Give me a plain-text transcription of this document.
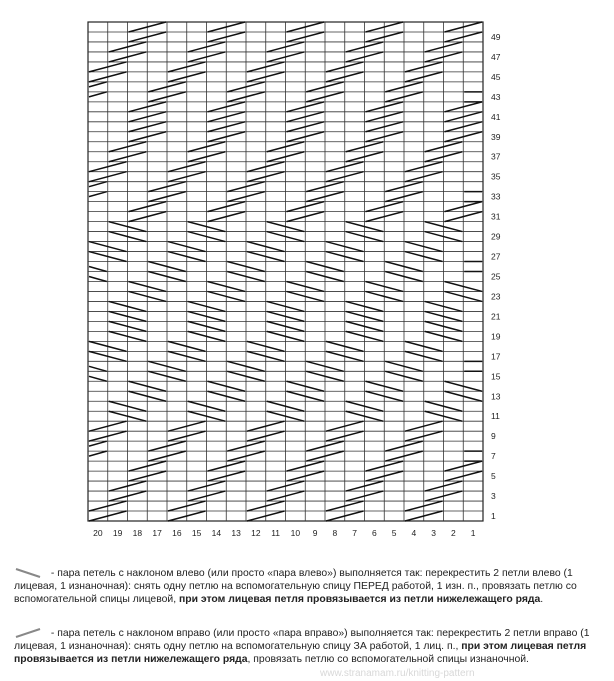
49
47
45
43
41
39
37
35
33
31
29
27
25
23
21
19
17
15
13
11
9
7
5
3
1
20 19 18 17 16 15 14 13 12 11 10 9 8 7 6 5 4 3 2 1
- пара петель с наклоном влево (или просто «пара влево») выполняется так: перекрестить 2 петли влево (1 лицевая, 1 изнаночная): снять одну петлю на вспомогательную спицу ПЕРЕД работой, 1 изн. п., провязать петлю со вспомогательной спицы лицевой, при этом лицевая петля провязывается из петли нижележащего ряда.
- пара петель с наклоном вправо (или просто «пара вправо») выполняется так: перекрестить 2 петли вправо (1 лицевая, 1 изнаночная): снять одну петлю на вспомогательную спицу ЗА работой, 1 лиц. п., при этом лицевая петля провязывается из петли нижележащего ряда, провязать петлю со вспомогательной спицы изнаночной.
www.stranamam.ru/knitting-pattern
